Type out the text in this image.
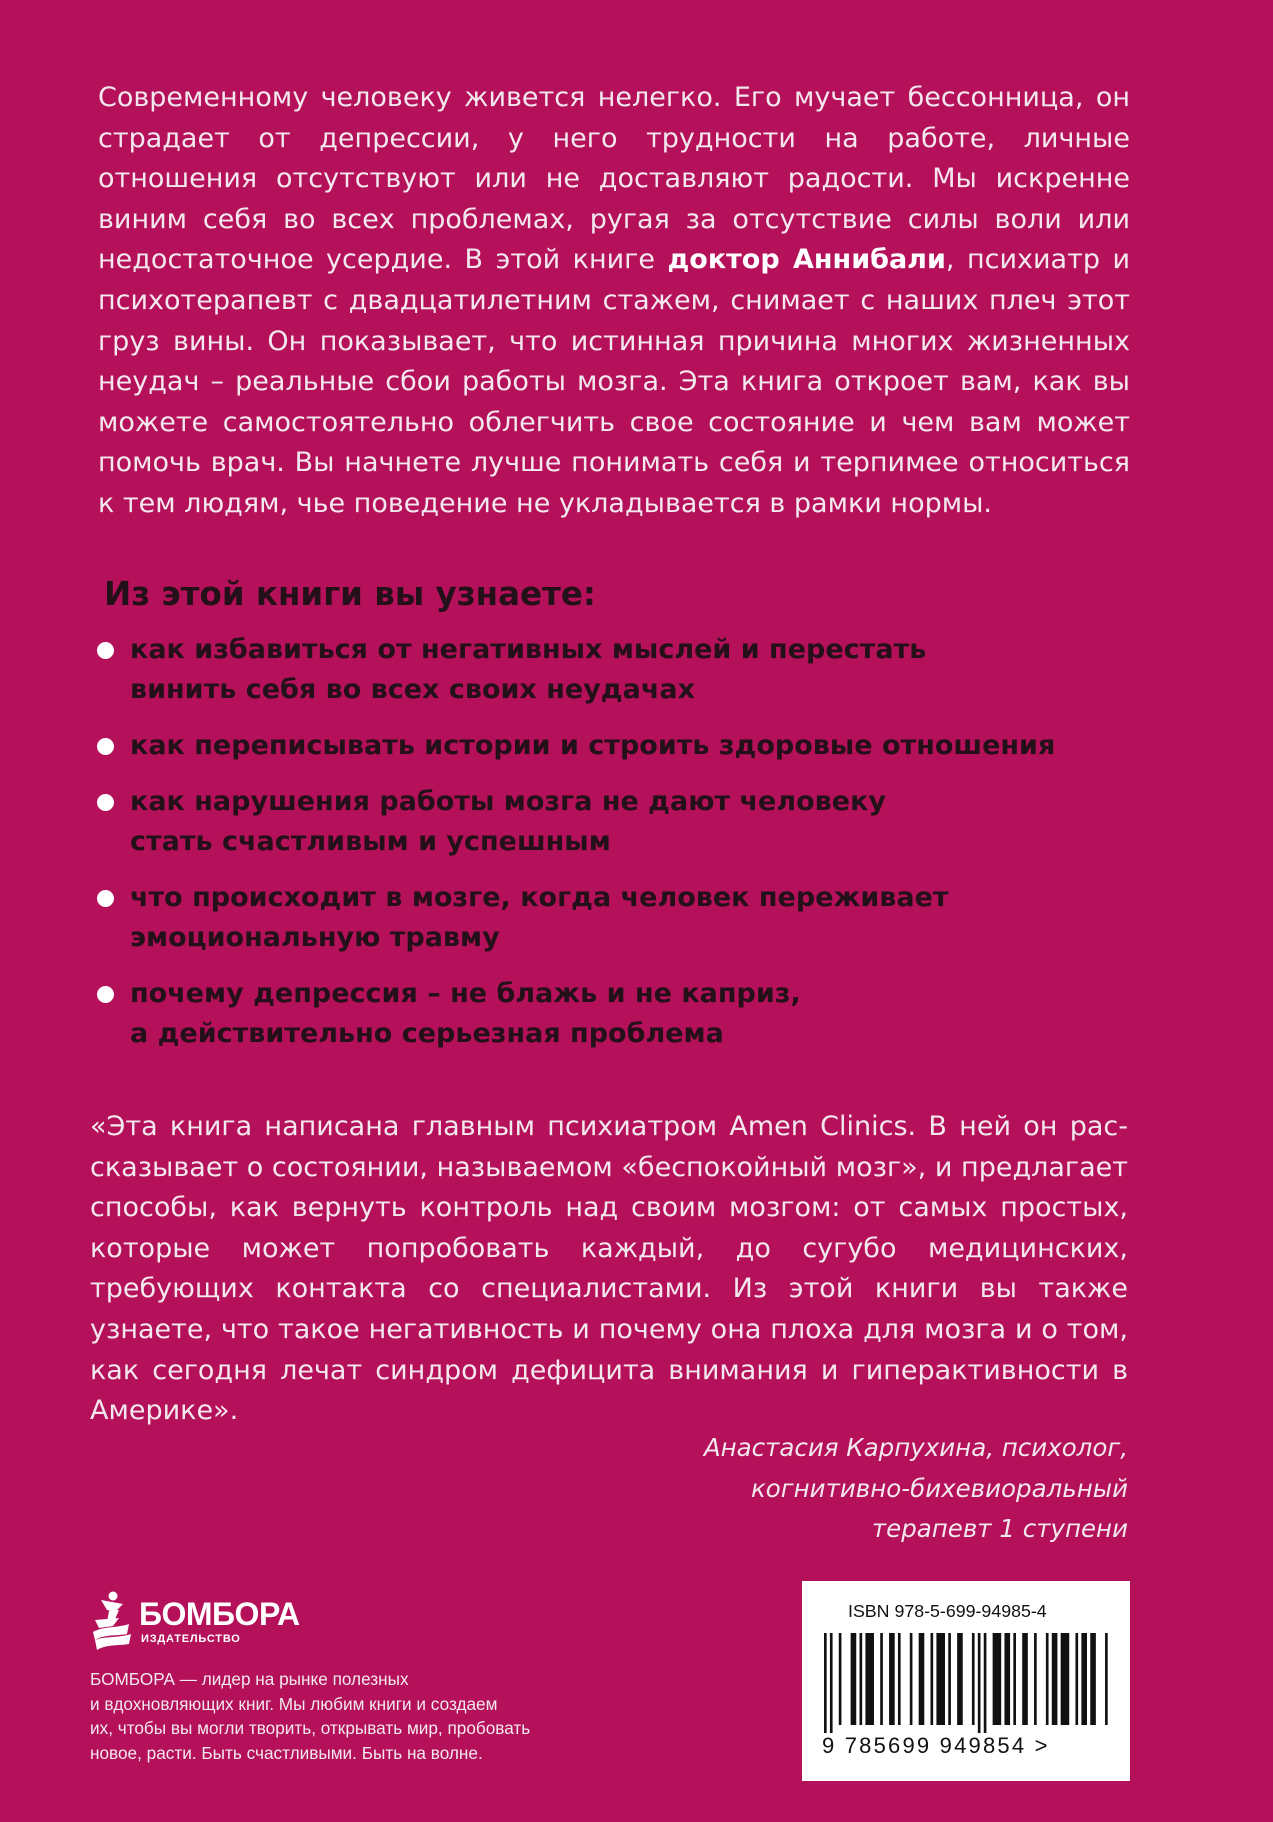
Современному человеку живется нелегко. Его мучает бессонница, он страдает от депрессии, у него трудности на работе, личные отношения отсутствуют или не доставляют радости. Мы искренне виним себя во всех проблемах, ругая за отсутствие силы воли или недостаточное усердие. В этой книге доктор Аннибали, психиатр и психотерапевт с двадцатилетним стажем, снимает с наших плеч этот груз вины. Он показывает, что истинная причина многих жизненных неудач – реальные сбои работы мозга. Эта книга откроет вам, как вы можете самостоятельно облегчить свое состояние и чем вам может помочь врач. Вы начнете лучше понимать себя и терпимее относиться к тем людям, чье поведение не укладывается в рамки нормы.

Из этой книги вы узнаете:
как избавиться от негативных мыслей и перестать
винить себя во всех своих неудачах
как переписывать истории и строить здоровые отношения
как нарушения работы мозга не дают человеку
стать счастливым и успешным
что происходит в мозге, когда человек переживает
эмоциональную травму
почему депрессия – не блажь и не каприз,
а действительно серьезная проблема

«Эта книга написана главным психиатром Amen Clinics. В ней он рассказывает о состоянии, называемом «беспокойный мозг», и предлагает способы, как вернуть контроль над своим мозгом: от самых простых, которые может попробовать каждый, до сугубо медицинских, требующих контакта со специалистами. Из этой книги вы также узнаете, что такое негативность и почему она плоха для мозга и о том, как сегодня лечат синдром дефицита внимания и гиперактивности в Америке».

Анастасия Карпухина, психолог,
когнитивно-бихевиоральный
терапевт 1 ступени

БОМБОРА
ИЗДАТЕЛЬСТВО

БОМБОРА — лидер на рынке полезных
и вдохновляющих книг. Мы любим книги и создаем
их, чтобы вы могли творить, открывать мир, пробовать
новое, расти. Быть счастливыми. Быть на волне.

ISBN 978-5-699-94985-4
9 785699 949854 >
